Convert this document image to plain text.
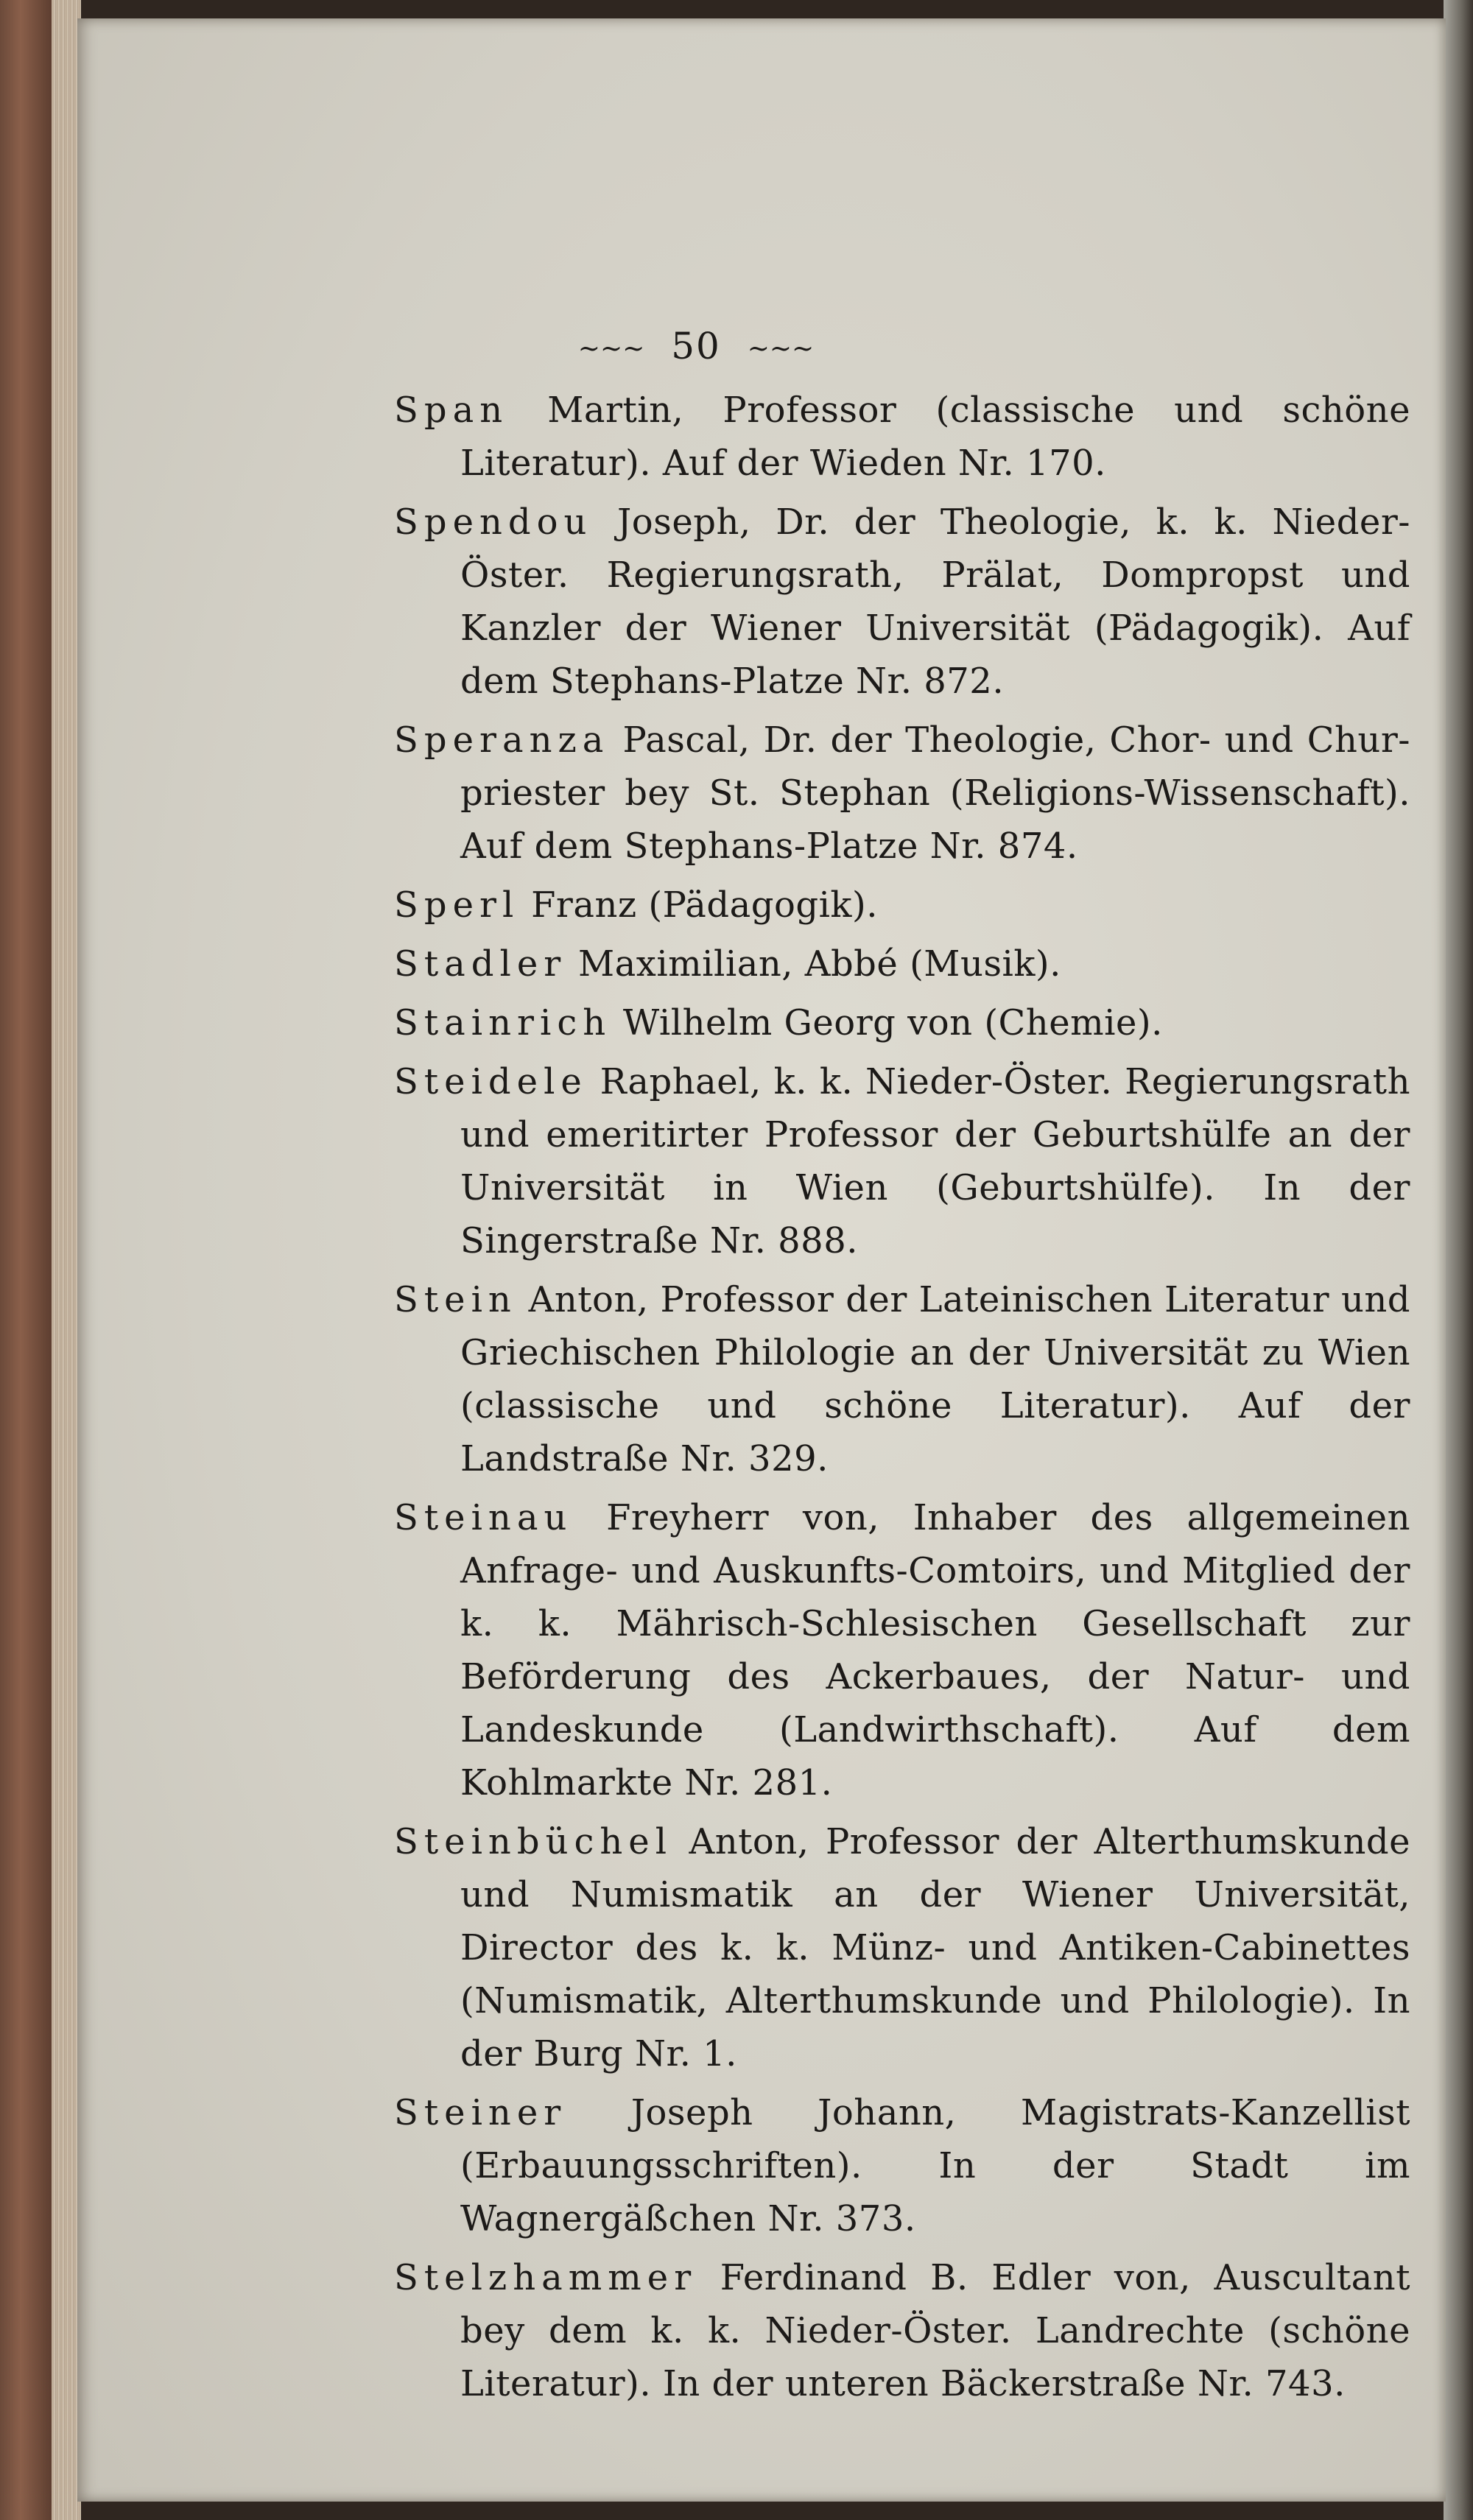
~~~ 50 ~~~
Span Martin, Professor (classische und schöne Literatur). Auf der Wieden Nr. 170.
Spendou Joseph, Dr. der Theologie, k. k. Nieder-Öster. Regierungsrath, Prälat, Dompropst und Kanzler der Wiener Universität (Pädagogik). Auf dem Stephans-Platze Nr. 872.
Speranza Pascal, Dr. der Theologie, Chor- und Chur-priester bey St. Stephan (Religions-Wissenschaft). Auf dem Stephans-Platze Nr. 874.
Sperl Franz (Pädagogik).
Stadler Maximilian, Abbé (Musik).
Stainrich Wilhelm Georg von (Chemie).
Steidele Raphael, k. k. Nieder-Öster. Regierungsrath und emeritirter Professor der Geburtshülfe an der Universität in Wien (Geburtshülfe). In der Singerstraße Nr. 888.
Stein Anton, Professor der Lateinischen Literatur und Griechischen Philologie an der Universität zu Wien (classische und schöne Literatur). Auf der Landstraße Nr. 329.
Steinau Freyherr von, Inhaber des allgemeinen Anfrage- und Auskunfts-Comtoirs, und Mitglied der k. k. Mährisch-Schlesischen Gesellschaft zur Beförderung des Ackerbaues, der Natur- und Landeskunde (Landwirthschaft). Auf dem Kohlmarkte Nr. 281.
Steinbüchel Anton, Professor der Alterthumskunde und Numismatik an der Wiener Universität, Director des k. k. Münz- und Antiken-Cabinettes (Numismatik, Alterthumskunde und Philologie). In der Burg Nr. 1.
Steiner Joseph Johann, Magistrats-Kanzellist (Erbauungsschriften). In der Stadt im Wagnergäßchen Nr. 373.
Stelzhammer Ferdinand B. Edler von, Auscultant bey dem k. k. Nieder-Öster. Landrechte (schöne Literatur). In der unteren Bäckerstraße Nr. 743.
